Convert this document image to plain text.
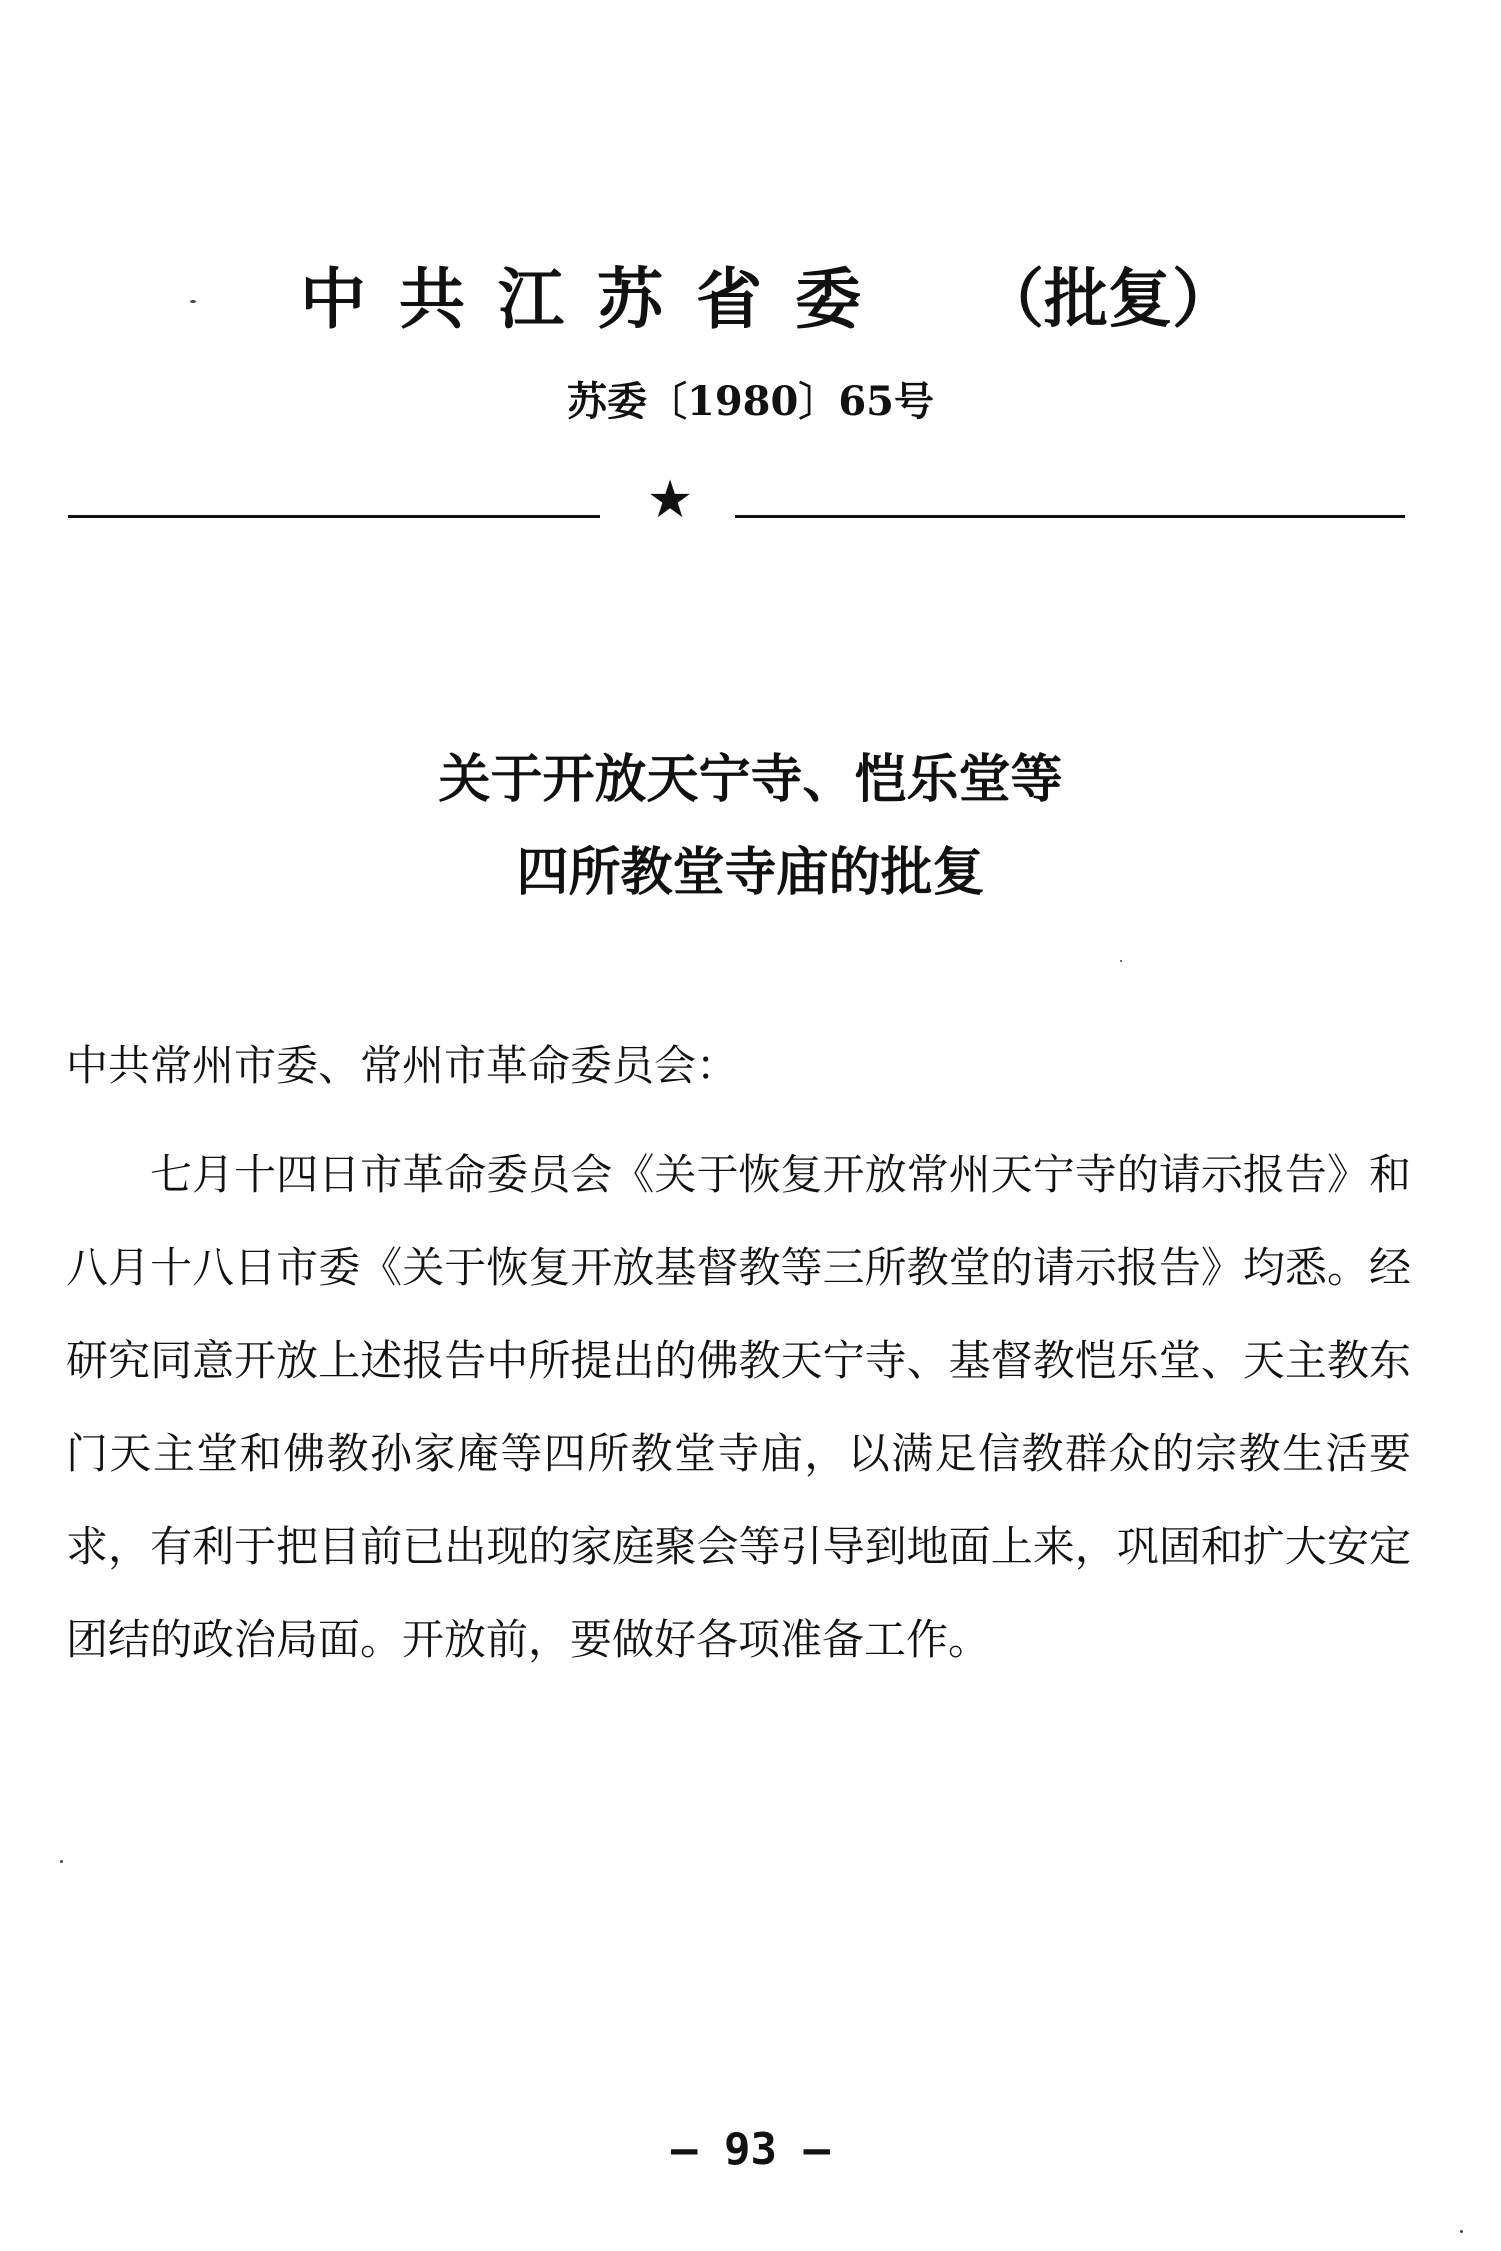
中共江苏省委 （批复）
苏委〔1980〕65号
★
关于开放天宁寺、恺乐堂等
四所教堂寺庙的批复
中共常州市委、常州市革命委员会：
七月十四日市革命委员会《关于恢复开放常州天宁寺的请示报告》和八月十八日市委《关于恢复开放基督教等三所教堂的请示报告》均悉。经研究同意开放上述报告中所提出的佛教天宁寺、基督教恺乐堂、天主教东门天主堂和佛教孙家庵等四所教堂寺庙，以满足信教群众的宗教生活要求，有利于把目前已出现的家庭聚会等引导到地面上来，巩固和扩大安定团结的政治局面。开放前，要做好各项准备工作。
— 93 —
